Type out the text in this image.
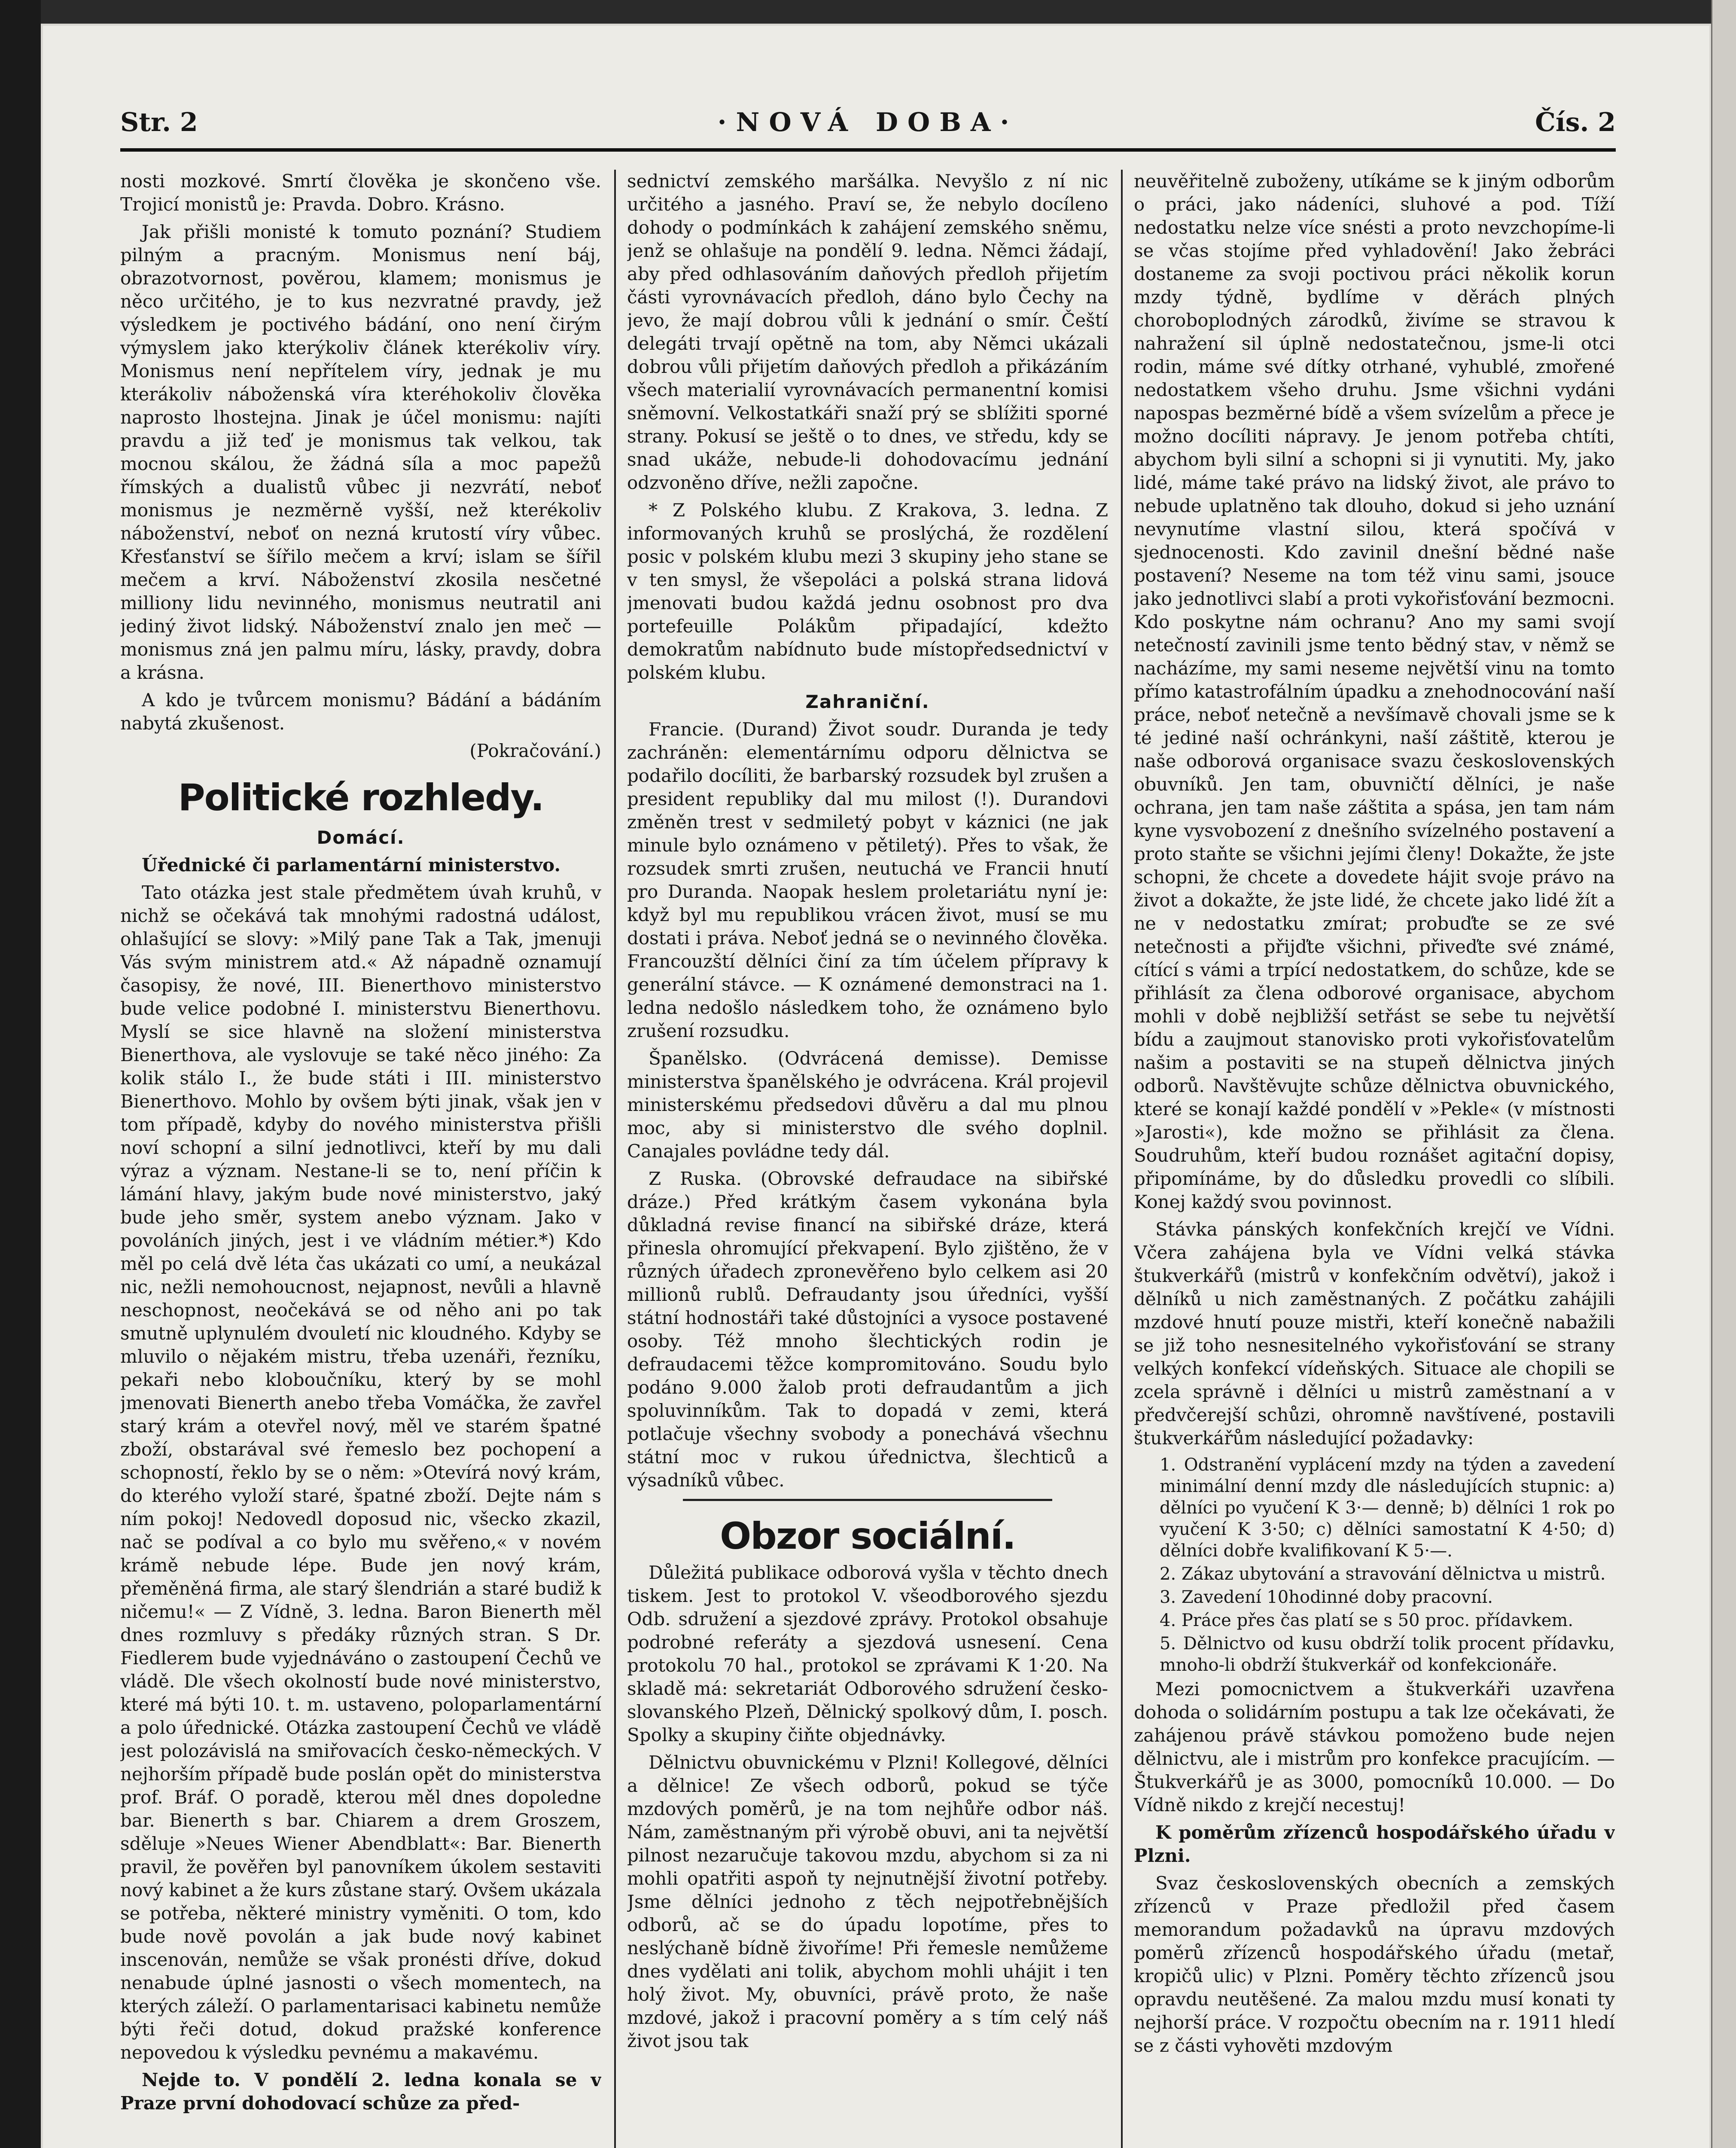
Str. 2	·NOVÁ DOBA·	Čís. 2

nosti mozkové. Smrtí člověka je skončeno vše. Trojicí monistů je: Pravda. Dobro. Krásno.

Jak přišli monisté k tomuto poznání? Studiem pilným a pracným. Monismus není báj, obrazotvornost, pověrou, klamem; monismus je něco určitého, je to kus nezvratné pravdy, jež výsledkem je poctivého bádání, ono není čirým výmyslem jako kterýkoliv článek kterékoliv víry. Monismus není nepřítelem víry, jednak je mu kterákoliv náboženská víra kteréhokoliv člověka naprosto lhostejna. Jinak je účel monismu: najíti pravdu a již teď je monismus tak velkou, tak mocnou skálou, že žádná síla a moc papežů římských a dualistů vůbec ji nezvrátí, neboť monismus je nezměrně vyšší, než kterékoliv náboženství, neboť on nezná krutostí víry vůbec. Křesťanství se šířilo mečem a krví; islam se šířil mečem a krví. Náboženství zkosila nesčetné milliony lidu nevinného, monismus neutratil ani jediný život lidský. Náboženství znalo jen meč — monismus zná jen palmu míru, lásky, pravdy, dobra a krásna.

A kdo je tvůrcem monismu? Bádání a bádáním nabytá zkušenost.

(Pokračování.)

Politické rozhledy.
Domácí.

Úřednické či parlamentární ministerstvo.

Tato otázka jest stale předmětem úvah kruhů, v nichž se očekává tak mnohými radostná událost, ohlašující se slovy: »Milý pane Tak a Tak, jmenuji Vás svým ministrem atd.« Až nápadně oznamují časopisy, že nové, III. Bienerthovo ministerstvo bude velice podobné I. ministerstvu Bienerthovu. Myslí se sice hlavně na složení ministerstva Bienerthova, ale vyslovuje se také něco jiného: Za kolik stálo I., že bude státi i III. ministerstvo Bienerthovo. Mohlo by ovšem býti jinak, však jen v tom případě, kdyby do nového ministerstva přišli noví schopní a silní jednotlivci, kteří by mu dali výraz a význam. Nestane-li se to, není příčin k lámání hlavy, jakým bude nové ministerstvo, jaký bude jeho směr, system anebo význam. Jako v povoláních jiných, jest i ve vládním métier.*) Kdo měl po celá dvě léta čas ukázati co umí, a neukázal nic, nežli nemohoucnost, nejapnost, nevůli a hlavně neschopnost, neočekává se od něho ani po tak smutně uplynulém dvouletí nic kloudného. Kdyby se mluvilo o nějakém mistru, třeba uzenáři, řezníku, pekaři nebo kloboučníku, který by se mohl jmenovati Bienerth anebo třeba Vomáčka, že zavřel starý krám a otevřel nový, měl ve starém špatné zboží, obstarával své řemeslo bez pochopení a schopností, řeklo by se o něm: »Otevírá nový krám, do kterého vyloží staré, špatné zboží. Dejte nám s ním pokoj! Nedovedl doposud nic, všecko zkazil, nač se podíval a co bylo mu svěřeno,« v novém krámě nebude lépe. Bude jen nový krám, přeměněná firma, ale starý šlendrián a staré budiž k ničemu!« — Z Vídně, 3. ledna. Baron Bienerth měl dnes rozmluvy s předáky různých stran. S Dr. Fiedlerem bude vyjednáváno o zastoupení Čechů ve vládě. Dle všech okolností bude nové ministerstvo, které má býti 10. t. m. ustaveno, poloparlamentární a polo úřednické. Otázka zastoupení Čechů ve vládě jest polozávislá na smiřovacích česko-německých. V nejhorším případě bude poslán opět do ministerstva prof. Bráf. O poradě, kterou měl dnes dopoledne bar. Bienerth s bar. Chiarem a drem Groszem, sděluje »Neues Wiener Abendblatt«: Bar. Bienerth pravil, že pověřen byl panovníkem úkolem sestaviti nový kabinet a že kurs zůstane starý. Ovšem ukázala se potřeba, některé ministry vyměniti. O tom, kdo bude nově povolán a jak bude nový kabinet inscenován, nemůže se však pronésti dříve, dokud nenabude úplné jasnosti o všech momentech, na kterých záleží. O parlamentarisaci kabinetu nemůže býti řeči dotud, dokud pražské konference nepovedou k výsledku pevnému a makavému.

Nejde to. V pondělí 2. ledna konala se v Praze první dohodovací schůze za před-

sednictví zemského maršálka. Nevyšlo z ní nic určitého a jasného. Praví se, že nebylo docíleno dohody o podmínkách k zahájení zemského sněmu, jenž se ohlašuje na pondělí 9. ledna. Němci žádají, aby před odhlasováním daňových předloh přijetím části vyrovnávacích předloh, dáno bylo Čechy na jevo, že mají dobrou vůli k jednání o smír. Čeští delegáti trvají opětně na tom, aby Němci ukázali dobrou vůli přijetím daňových předloh a přikázáním všech materialií vyrovnávacích permanentní komisi sněmovní. Velkostatkáři snaží prý se sblížiti sporné strany. Pokusí se ještě o to dnes, ve středu, kdy se snad ukáže, nebude-li dohodovacímu jednání odzvoněno dříve, nežli započne.

* Z Polského klubu. Z Krakova, 3. ledna. Z informovaných kruhů se proslýchá, že rozdělení posic v polském klubu mezi 3 skupiny jeho stane se v ten smysl, že všepoláci a polská strana lidová jmenovati budou každá jednu osobnost pro dva portefeuille Polákům připadající, kdežto demokratům nabídnuto bude místopředsednictví v polském klubu.

Zahraniční.

Francie. (Durand) Život soudr. Duranda je tedy zachráněn: elementárnímu odporu dělnictva se podařilo docíliti, že barbarský rozsudek byl zrušen a president republiky dal mu milost (!). Durandovi změněn trest v sedmiletý pobyt v káznici (ne jak minule bylo oznámeno v pětiletý). Přes to však, že rozsudek smrti zrušen, neutuchá ve Francii hnutí pro Duranda. Naopak heslem proletariátu nyní je: když byl mu republikou vrácen život, musí se mu dostati i práva. Neboť jedná se o nevinného člověka. Francouzští dělníci činí za tím účelem přípravy k generální stávce. — K oznámené demonstraci na 1. ledna nedošlo následkem toho, že oznámeno bylo zrušení rozsudku.

Španělsko. (Odvrácená demisse). Demisse ministerstva španělského je odvrácena. Král projevil ministerskému předsedovi důvěru a dal mu plnou moc, aby si ministerstvo dle svého doplnil. Canajales povládne tedy dál.

Z Ruska. (Obrovské defraudace na sibiřské dráze.) Před krátkým časem vykonána byla důkladná revise financí na sibiřské dráze, která přinesla ohromující překvapení. Bylo zjištěno, že v různých úřadech zpronevěřeno bylo celkem asi 20 millionů rublů. Defraudanty jsou úředníci, vyšší státní hodnostáři také důstojníci a vysoce postavené osoby. Též mnoho šlechtických rodin je defraudacemi těžce kompromitováno. Soudu bylo podáno 9.000 žalob proti defraudantům a jich spoluvinníkům. Tak to dopadá v zemi, která potlačuje všechny svobody a ponechává všechnu státní moc v rukou úřednictva, šlechticů a výsadníků vůbec.

Obzor sociální.

Důležitá publikace odborová vyšla v těchto dnech tiskem. Jest to protokol V. všeodborového sjezdu Odb. sdružení a sjezdové zprávy. Protokol obsahuje podrobné referáty a sjezdová usnesení. Cena protokolu 70 hal., protokol se zprávami K 1·20. Na skladě má: sekretariát Odborového sdružení česko-slovanského Plzeň, Dělnický spolkový dům, I. posch. Spolky a skupiny čiňte objednávky.

Dělnictvu obuvnickému v Plzni! Kollegové, dělníci a dělnice! Ze všech odborů, pokud se týče mzdových poměrů, je na tom nejhůře odbor náš. Nám, zaměstnaným při výrobě obuvi, ani ta největší pilnost nezaručuje takovou mzdu, abychom si za ni mohli opatřiti aspoň ty nejnutnější životní potřeby. Jsme dělníci jednoho z těch nejpotřebnějších odborů, ač se do úpadu lopotíme, přes to neslýchaně bídně živoříme! Při řemesle nemůžeme dnes vydělati ani tolik, abychom mohli uhájit i ten holý život. My, obuvníci, právě proto, že naše mzdové, jakož i pracovní poměry a s tím celý náš život jsou tak

neuvěřitelně zuboženy, utíkáme se k jiným odborům o práci, jako nádeníci, sluhové a pod. Tíží nedostatku nelze více snésti a proto nevzchopíme-li se včas stojíme před vyhladovění! Jako žebráci dostaneme za svoji poctivou práci několik korun mzdy týdně, bydlíme v děrách plných choroboplodných zárodků, živíme se stravou k nahražení sil úplně nedostatečnou, jsme-li otci rodin, máme své dítky otrhané, vyhublé, zmořené nedostatkem všeho druhu. Jsme všichni vydáni napospas bezměrné bídě a všem svízelům a přece je možno docíliti nápravy. Je jenom potřeba chtíti, abychom byli silní a schopni si ji vynutiti. My, jako lidé, máme také právo na lidský život, ale právo to nebude uplatněno tak dlouho, dokud si jeho uznání nevynutíme vlastní silou, která spočívá v sjednocenosti. Kdo zavinil dnešní bědné naše postavení? Neseme na tom též vinu sami, jsouce jako jednotlivci slabí a proti vykořisťování bezmocni. Kdo poskytne nám ochranu? Ano my sami svojí netečností zavinili jsme tento bědný stav, v němž se nacházíme, my sami neseme největší vinu na tomto přímo katastrofálním úpadku a znehodnocování naší práce, neboť netečně a nevšímavě chovali jsme se k té jediné naší ochránkyni, naší záštitě, kterou je naše odborová organisace svazu československých obuvníků. Jen tam, obuvničtí dělníci, je naše ochrana, jen tam naše záštita a spása, jen tam nám kyne vysvobození z dnešního svízelného postavení a proto staňte se všichni jejími členy! Dokažte, že jste schopni, že chcete a dovedete hájit svoje právo na život a dokažte, že jste lidé, že chcete jako lidé žít a ne v nedostatku zmírat; probuďte se ze své netečnosti a přijďte všichni, přiveďte své známé, cítící s vámi a trpící nedostatkem, do schůze, kde se přihlásít za člena odborové organisace, abychom mohli v době nejbližší setřást se sebe tu největší bídu a zaujmout stanovisko proti vykořisťovatelům našim a postaviti se na stupeň dělnictva jiných odborů. Navštěvujte schůze dělnictva obuvnického, které se konají každé pondělí v »Pekle« (v místnosti »Jarosti«), kde možno se přihlásit za člena. Soudruhům, kteří budou roznášet agitační dopisy, připomínáme, by do důsledku provedli co slíbili. Konej každý svou povinnost.

Stávka pánských konfekčních krejčí ve Vídni. Včera zahájena byla ve Vídni velká stávka štukverkářů (mistrů v konfekčním odvětví), jakož i dělníků u nich zaměstnaných. Z počátku zahájili mzdové hnutí pouze mistři, kteří konečně nabažili se již toho nesnesitelného vykořisťování se strany velkých konfekcí vídeňských. Situace ale chopili se zcela správně i dělníci u mistrů zaměstnaní a v předvčerejší schůzi, ohromně navštívené, postavili štukverkářům následující požadavky:

1. Odstranění vyplácení mzdy na týden a zavedení minimální denní mzdy dle následujících stupnic: a) dělníci po vyučení K 3·— denně; b) dělníci 1 rok po vyučení K 3·50; c) dělníci samostatní K 4·50; d) dělníci dobře kvalifikovaní K 5·—.

2. Zákaz ubytování a stravování dělnictva u mistrů.

3. Zavedení 10hodinné doby pracovní.

4. Práce přes čas platí se s 50 proc. přídavkem.

5. Dělnictvo od kusu obdrží tolik procent přídavku, mnoho-li obdrží štukverkář od konfekcionáře.

Mezi pomocnictvem a štukverkáři uzavřena dohoda o solidárním postupu a tak lze očekávati, že zahájenou právě stávkou pomoženo bude nejen dělnictvu, ale i mistrům pro konfekce pracujícím. — Štukverkářů je as 3000, pomocníků 10.000. — Do Vídně nikdo z krejčí necestuj!

K poměrům zřízenců hospodářského úřadu v Plzni.

Svaz československých obecních a zemských zřízenců v Praze předložil před časem memorandum požadavků na úpravu mzdových poměrů zřízenců hospodářského úřadu (metař, kropičů ulic) v Plzni. Poměry těchto zřízenců jsou opravdu neutěšené. Za malou mzdu musí konati ty nejhorší práce. V rozpočtu obecním na r. 1911 hledí se z části vyhověti mzdovým
